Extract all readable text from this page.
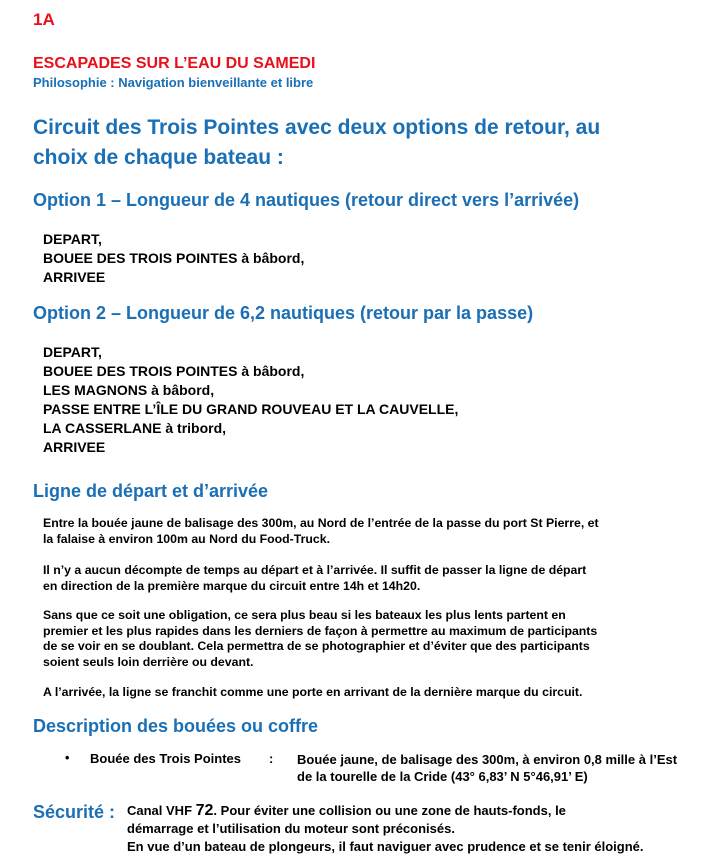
1A
ESCAPADES SUR L’EAU DU SAMEDI
Philosophie : Navigation bienveillante et libre
Circuit des Trois Pointes avec deux options de retour, au
choix de chaque bateau :
Option 1 – Longueur de 4 nautiques (retour direct vers l’arrivée)
DEPART,
BOUEE DES TROIS POINTES à bâbord,
ARRIVEE
Option 2 – Longueur de 6,2 nautiques (retour par la passe)
DEPART,
BOUEE DES TROIS POINTES à bâbord,
LES MAGNONS à bâbord,
PASSE ENTRE L’ÎLE DU GRAND ROUVEAU ET LA CAUVELLE,
LA CASSERLANE à tribord,
ARRIVEE
Ligne de départ et d’arrivée
Entre la bouée jaune de balisage des 300m, au Nord de l’entrée de la passe du port St Pierre, et
la falaise à environ 100m au Nord du Food-Truck.
Il n’y a aucun décompte de temps au départ et à l’arrivée. Il suffit de passer la ligne de départ
en direction de la première marque du circuit entre 14h et 14h20.
Sans que ce soit une obligation, ce sera plus beau si les bateaux les plus lents partent en
premier et les plus rapides dans les derniers de façon à permettre au maximum de participants
de se voir en se doublant. Cela permettra de se photographier et d’éviter que des participants
soient seuls loin derrière ou devant.
A l’arrivée, la ligne se franchit comme une porte en arrivant de la dernière marque du circuit.
Description des bouées ou coffre
• Bouée des Trois Pointes : Bouée jaune, de balisage des 300m, à environ 0,8 mille à l’Est
de la tourelle de la Cride (43° 6,83’ N 5°46,91’ E)
Sécurité : Canal VHF 72. Pour éviter une collision ou une zone de hauts-fonds, le
démarrage et l’utilisation du moteur sont préconisés.
En vue d’un bateau de plongeurs, il faut naviguer avec prudence et se tenir éloigné.
